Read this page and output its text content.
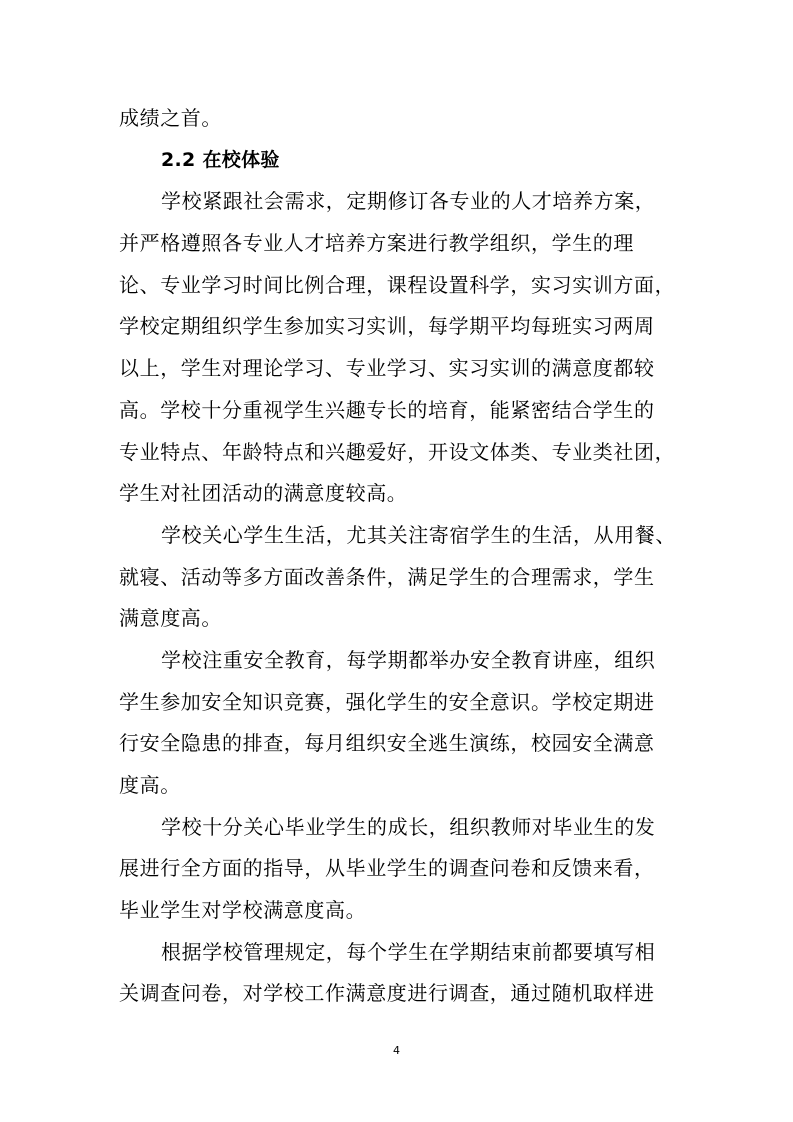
成绩之首。
2.2 在校体验
学校紧跟社会需求，定期修订各专业的人才培养方案，
并严格遵照各专业人才培养方案进行教学组织，学生的理
论、专业学习时间比例合理，课程设置科学，实习实训方面，
学校定期组织学生参加实习实训，每学期平均每班实习两周
以上，学生对理论学习、专业学习、实习实训的满意度都较
高。学校十分重视学生兴趣专长的培育，能紧密结合学生的
专业特点、年龄特点和兴趣爱好，开设文体类、专业类社团，
学生对社团活动的满意度较高。
学校关心学生生活，尤其关注寄宿学生的生活，从用餐、
就寝、活动等多方面改善条件，满足学生的合理需求，学生
满意度高。
学校注重安全教育，每学期都举办安全教育讲座，组织
学生参加安全知识竞赛，强化学生的安全意识。学校定期进
行安全隐患的排查，每月组织安全逃生演练，校园安全满意
度高。
学校十分关心毕业学生的成长，组织教师对毕业生的发
展进行全方面的指导，从毕业学生的调查问卷和反馈来看，
毕业学生对学校满意度高。
根据学校管理规定，每个学生在学期结束前都要填写相
关调查问卷，对学校工作满意度进行调查，通过随机取样进
4
